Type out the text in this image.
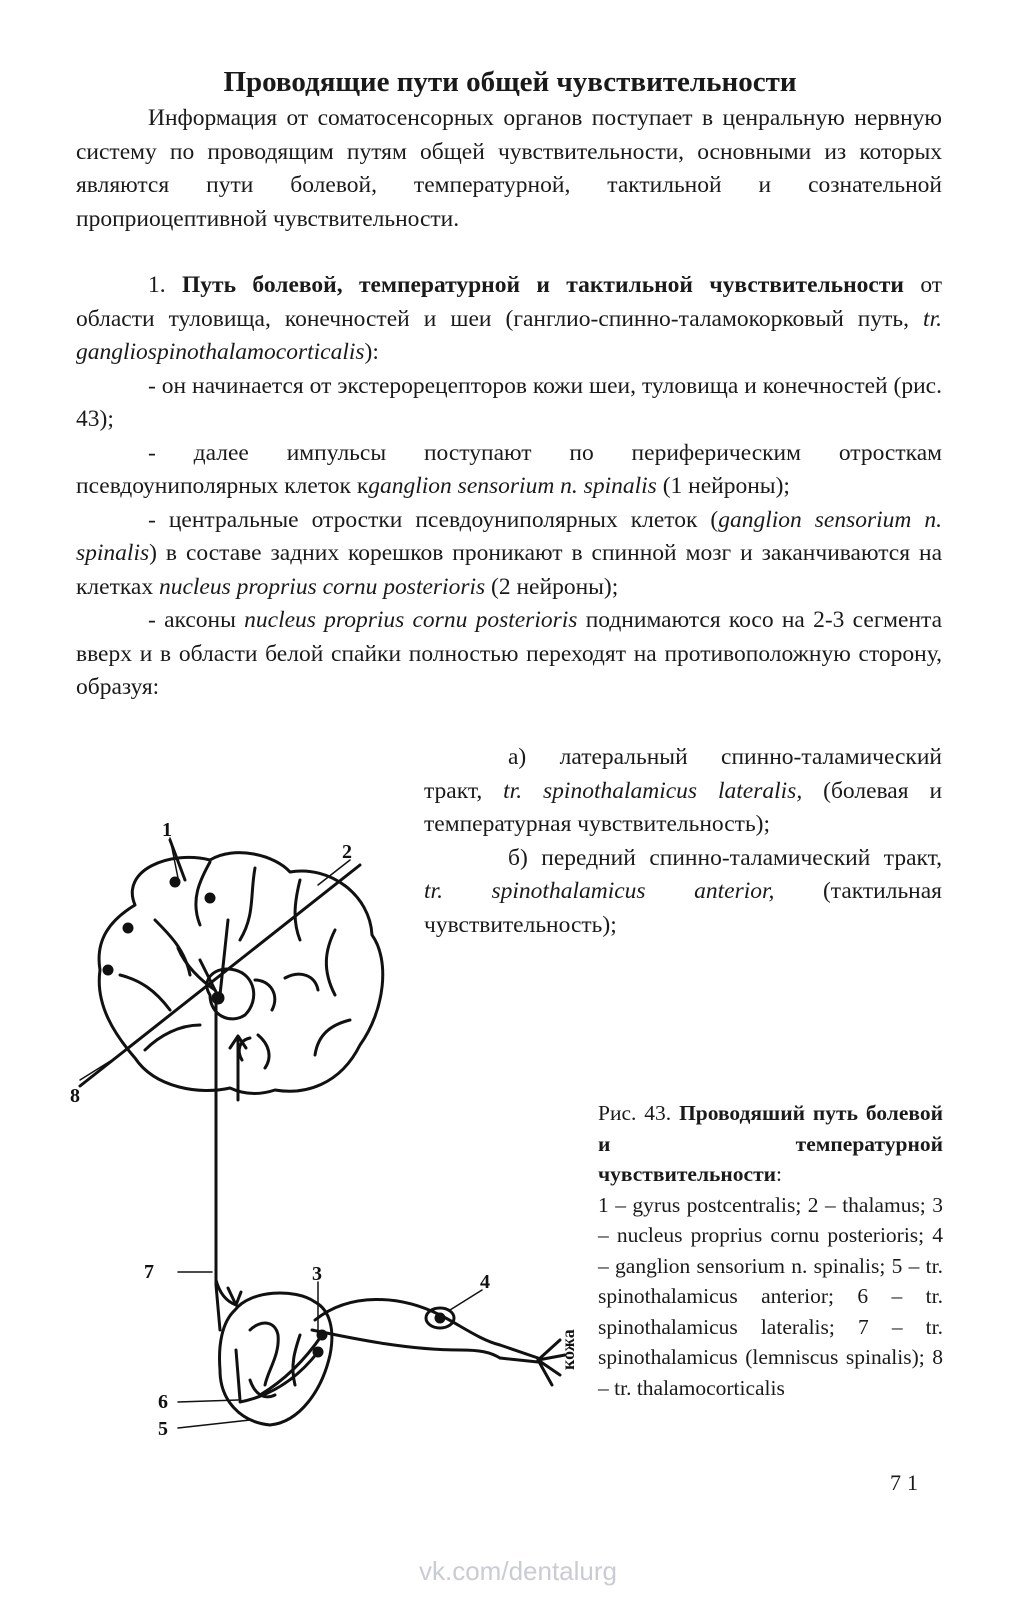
Проводящие пути общей чувствительности

Информация от соматосенсорных органов поступает в ценральную нервную систему по проводящим путям общей чувствительности, основными из которых являются пути болевой, температурной, тактильной и сознательной проприоцептивной чувствительности.

1. Путь болевой, температурной и тактильной чувствительности от области туловища, конечностей и шеи (ганглио-спинно-таламокорковый путь, tr. gangliospinothalamocorticalis):

- он начинается от экстерорецепторов кожи шеи, туловища и конечностей (рис. 43);

- далее импульсы поступают по периферическим отросткам псевдоуниполярных клеток кganglion sensorium n. spinalis (1 нейроны);

- центральные отростки псевдоуниполярных клеток (ganglion sensorium n. spinalis) в составе задних корешков проникают в спинной мозг и заканчиваются на клетках nucleus proprius cornu posterioris (2 нейроны);

- аксоны nucleus proprius cornu posterioris поднимаются косо на 2-3 сегмента вверх и в области белой спайки полностью переходят на противоположную сторону, образуя:

а) латеральный спинно-таламический тракт, tr. spinothalamicus lateralis, (болевая и температурная чувствительность);

б) передний спинно-таламический тракт, tr. spinothalamicus anterior, (тактильная чувствительность);

1
2
3	4
5
6
7
8
кожа

Рис. 43. Проводяший путь болевой и температурной чувствительности:

1 – gyrus postcentralis; 2 – thalamus; 3 – nucleus proprius cornu posterioris; 4 – ganglion sensorium n. spinalis; 5 – tr. spinothalamicus anterior; 6 – tr. spinothalamicus lateralis; 7 – tr. spinothalamicus (lemniscus spinalis); 8 – tr. thalamocorticalis

71
vk.com/dentalurg
